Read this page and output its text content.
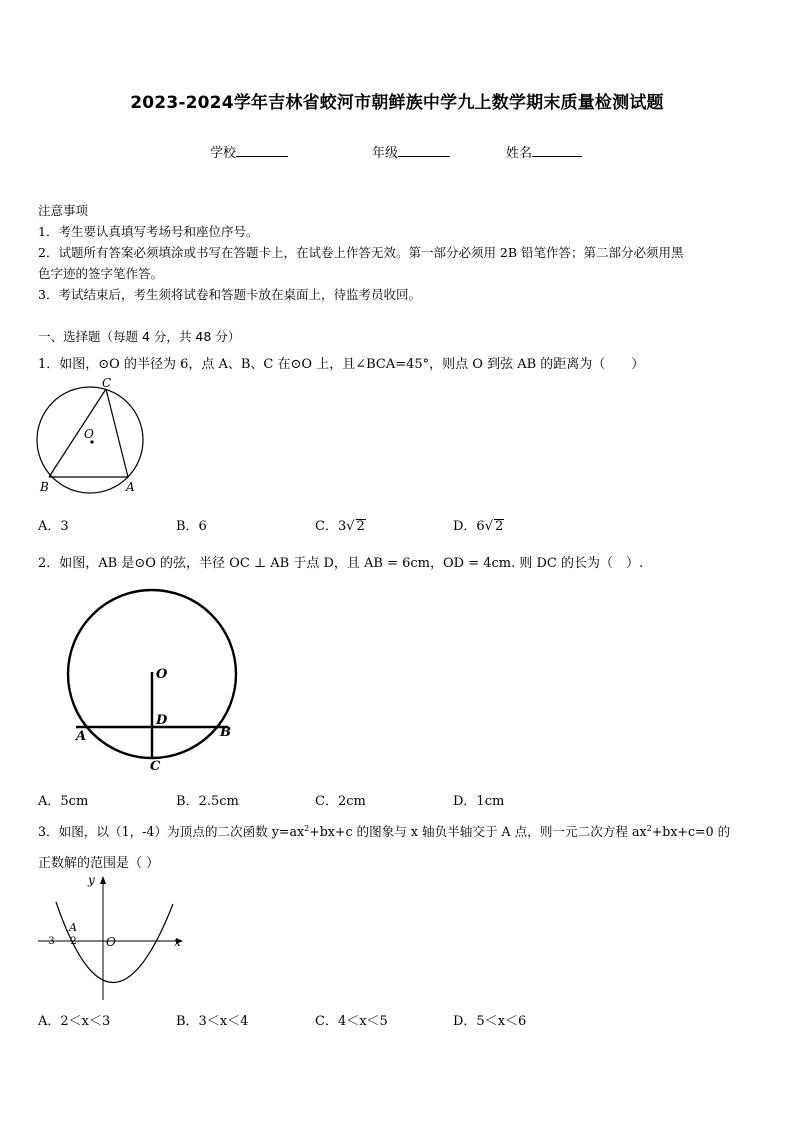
2023-2024学年吉林省蛟河市朝鲜族中学九上数学期末质量检测试题
学校	年级	姓名
注意事项
1．考生要认真填写考场号和座位序号。
2．试题所有答案必须填涂或书写在答题卡上，在试卷上作答无效。第一部分必须用 2B 铅笔作答；第二部分必须用黑
色字迹的签字笔作答。
3．考试结束后，考生须将试卷和答题卡放在桌面上，待监考员收回。
一、选择题（每题 4 分，共 48 分）
1．如图，⊙O 的半径为 6，点 A、B、C 在⊙O 上，且∠BCA=45°，则点 O 到弦 AB 的距离为（　　）
C
O
B	A
A．3	B．6	C．3√ 2	D．6√ 2
2．如图，AB 是⊙O 的弦，半径 OC ⊥ AB 于点 D，且 AB = 6cm，OD = 4cm. 则 DC 的长为（　）.
O
D
A	B
C
A．5cm	B．2.5cm	C．2cm	D．1cm
3．如图，以（1，-4）为顶点的二次函数 $y=ax^2+bx+c$ 的图象与 x 轴负半轴交于 A 点，则一元二次方程 $ax^2+bx+c=0$ 的
正数解的范围是（ ）
y
A
-3 -2 O	x
A．2＜x＜3	B．3＜x＜4	C．4＜x＜5	D．5＜x＜6
